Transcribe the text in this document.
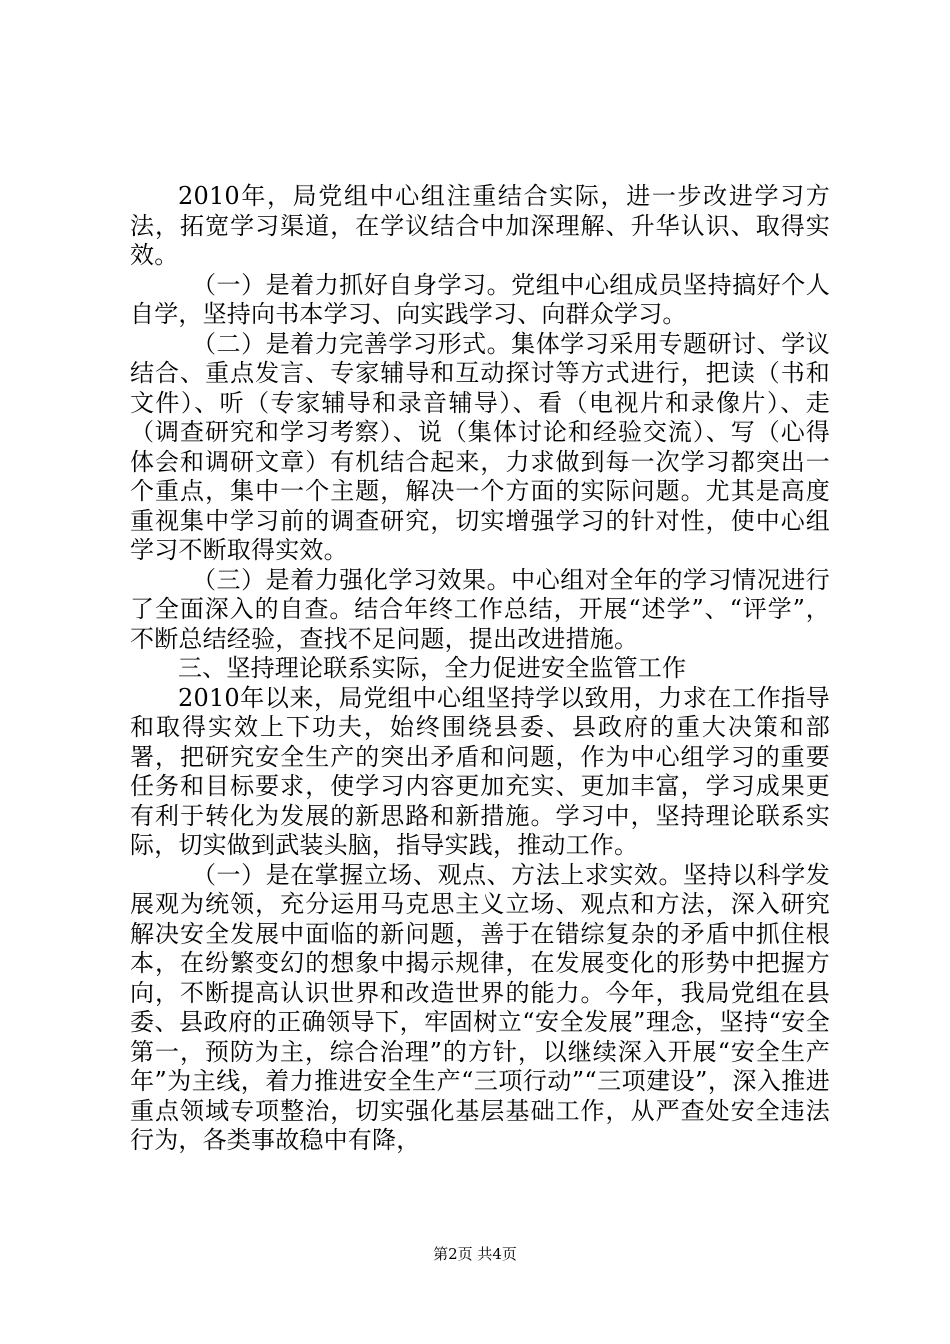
2010年，局党组中心组注重结合实际，进一步改进学习方法，拓宽学习渠道，在学议结合中加深理解、升华认识、取得实效。

（一）是着力抓好自身学习。党组中心组成员坚持搞好个人自学，坚持向书本学习、向实践学习、向群众学习。

（二）是着力完善学习形式。集体学习采用专题研讨、学议结合、重点发言、专家辅导和互动探讨等方式进行，把读（书和文件）、听（专家辅导和录音辅导）、看（电视片和录像片）、走（调查研究和学习考察）、说（集体讨论和经验交流）、写（心得体会和调研文章）有机结合起来，力求做到每一次学习都突出一个重点，集中一个主题，解决一个方面的实际问题。尤其是高度重视集中学习前的调查研究，切实增强学习的针对性，使中心组学习不断取得实效。

（三）是着力强化学习效果。中心组对全年的学习情况进行了全面深入的自查。结合年终工作总结，开展“述学”、“评学”，不断总结经验，查找不足问题，提出改进措施。

三、坚持理论联系实际，全力促进安全监管工作

2010年以来，局党组中心组坚持学以致用，力求在工作指导和取得实效上下功夫，始终围绕县委、县政府的重大决策和部署，把研究安全生产的突出矛盾和问题，作为中心组学习的重要任务和目标要求，使学习内容更加充实、更加丰富，学习成果更有利于转化为发展的新思路和新措施。学习中，坚持理论联系实际，切实做到武装头脑，指导实践，推动工作。

（一）是在掌握立场、观点、方法上求实效。坚持以科学发展观为统领，充分运用马克思主义立场、观点和方法，深入研究解决安全发展中面临的新问题，善于在错综复杂的矛盾中抓住根本，在纷繁变幻的想象中揭示规律，在发展变化的形势中把握方向，不断提高认识世界和改造世界的能力。今年，我局党组在县委、县政府的正确领导下，牢固树立“安全发展”理念，坚持“安全第一，预防为主，综合治理”的方针，以继续深入开展“安全生产年”为主线，着力推进安全生产“三项行动”“三项建设”，深入推进重点领域专项整治，切实强化基层基础工作，从严查处安全违法行为，各类事故稳中有降，

第2页 共4页
